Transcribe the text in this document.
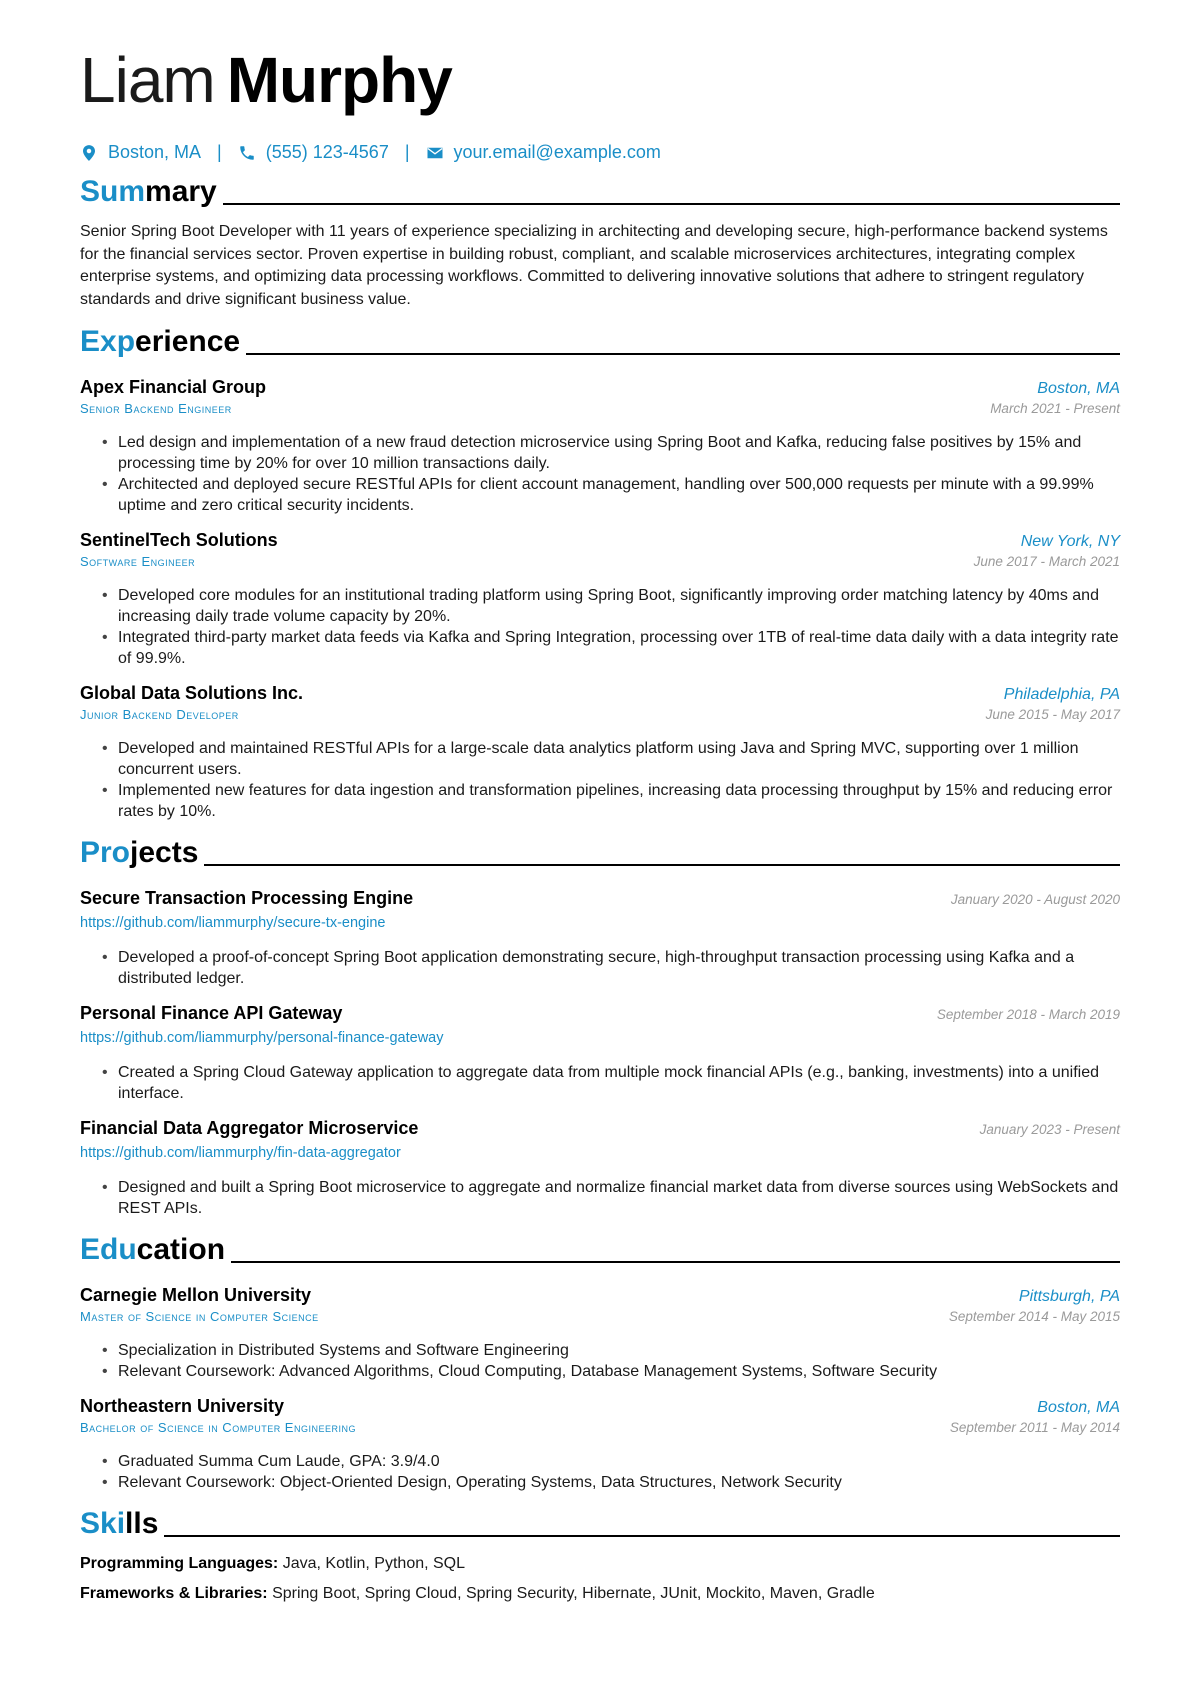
Liam Murphy
Boston, MA | (555) 123-4567 | your.email@example.com
Summary
Senior Spring Boot Developer with 11 years of experience specializing in architecting and developing secure, high-performance backend systems for the financial services sector. Proven expertise in building robust, compliant, and scalable microservices architectures, integrating complex enterprise systems, and optimizing data processing workflows. Committed to delivering innovative solutions that adhere to stringent regulatory standards and drive significant business value.
Experience
Apex Financial Group	Boston, MA
Senior Backend Engineer	March 2021 - Present
• Led design and implementation of a new fraud detection microservice using Spring Boot and Kafka, reducing false positives by 15% and processing time by 20% for over 10 million transactions daily.
• Architected and deployed secure RESTful APIs for client account management, handling over 500,000 requests per minute with a 99.99% uptime and zero critical security incidents.
SentinelTech Solutions	New York, NY
Software Engineer	June 2017 - March 2021
• Developed core modules for an institutional trading platform using Spring Boot, significantly improving order matching latency by 40ms and increasing daily trade volume capacity by 20%.
• Integrated third-party market data feeds via Kafka and Spring Integration, processing over 1TB of real-time data daily with a data integrity rate of 99.9%.
Global Data Solutions Inc.	Philadelphia, PA
Junior Backend Developer	June 2015 - May 2017
• Developed and maintained RESTful APIs for a large-scale data analytics platform using Java and Spring MVC, supporting over 1 million concurrent users.
• Implemented new features for data ingestion and transformation pipelines, increasing data processing throughput by 15% and reducing error rates by 10%.
Projects
Secure Transaction Processing Engine	January 2020 - August 2020
https://github.com/liammurphy/secure-tx-engine
• Developed a proof-of-concept Spring Boot application demonstrating secure, high-throughput transaction processing using Kafka and a distributed ledger.
Personal Finance API Gateway	September 2018 - March 2019
https://github.com/liammurphy/personal-finance-gateway
• Created a Spring Cloud Gateway application to aggregate data from multiple mock financial APIs (e.g., banking, investments) into a unified interface.
Financial Data Aggregator Microservice	January 2023 - Present
https://github.com/liammurphy/fin-data-aggregator
• Designed and built a Spring Boot microservice to aggregate and normalize financial market data from diverse sources using WebSockets and REST APIs.
Education
Carnegie Mellon University	Pittsburgh, PA
Master of Science in Computer Science	September 2014 - May 2015
• Specialization in Distributed Systems and Software Engineering
• Relevant Coursework: Advanced Algorithms, Cloud Computing, Database Management Systems, Software Security
Northeastern University	Boston, MA
Bachelor of Science in Computer Engineering	September 2011 - May 2014
• Graduated Summa Cum Laude, GPA: 3.9/4.0
• Relevant Coursework: Object-Oriented Design, Operating Systems, Data Structures, Network Security
Skills
Programming Languages: Java, Kotlin, Python, SQL
Frameworks & Libraries: Spring Boot, Spring Cloud, Spring Security, Hibernate, JUnit, Mockito, Maven, Gradle
